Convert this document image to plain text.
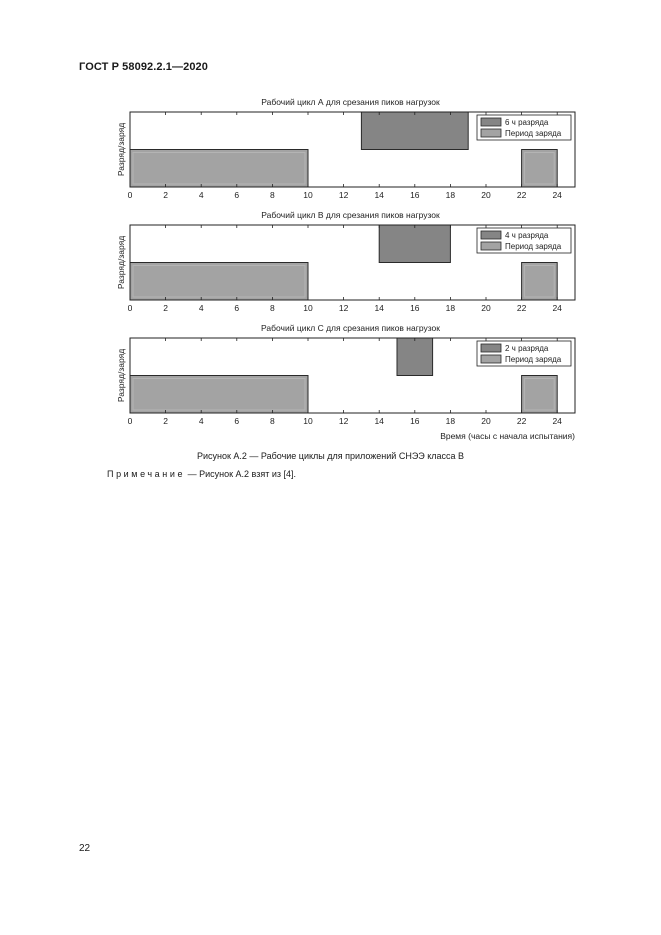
ГОСТ Р 58092.2.1—2020
Рабочий цикл А для срезания пиков нагрузок
0	2	4	6	8	10	12	14	16	18	20	22	24
Разряд/заряд
6 ч разряда
Период заряда
Рабочий цикл В для срезания пиков нагрузок
0	2	4	6	8	10	12	14	16	18	20	22	24
Разряд/заряд
4 ч разряда
Период заряда
Рабочий цикл С для срезания пиков нагрузок
0	2	4	6	8	10	12	14	16	18	20	22	24
Разряд/заряд
2 ч разряда
Период заряда
Время (часы с начала испытания)
Рисунок А.2 — Рабочие циклы для приложений СНЭЭ класса В
Примечание — Рисунок А.2 взят из [4].
22
